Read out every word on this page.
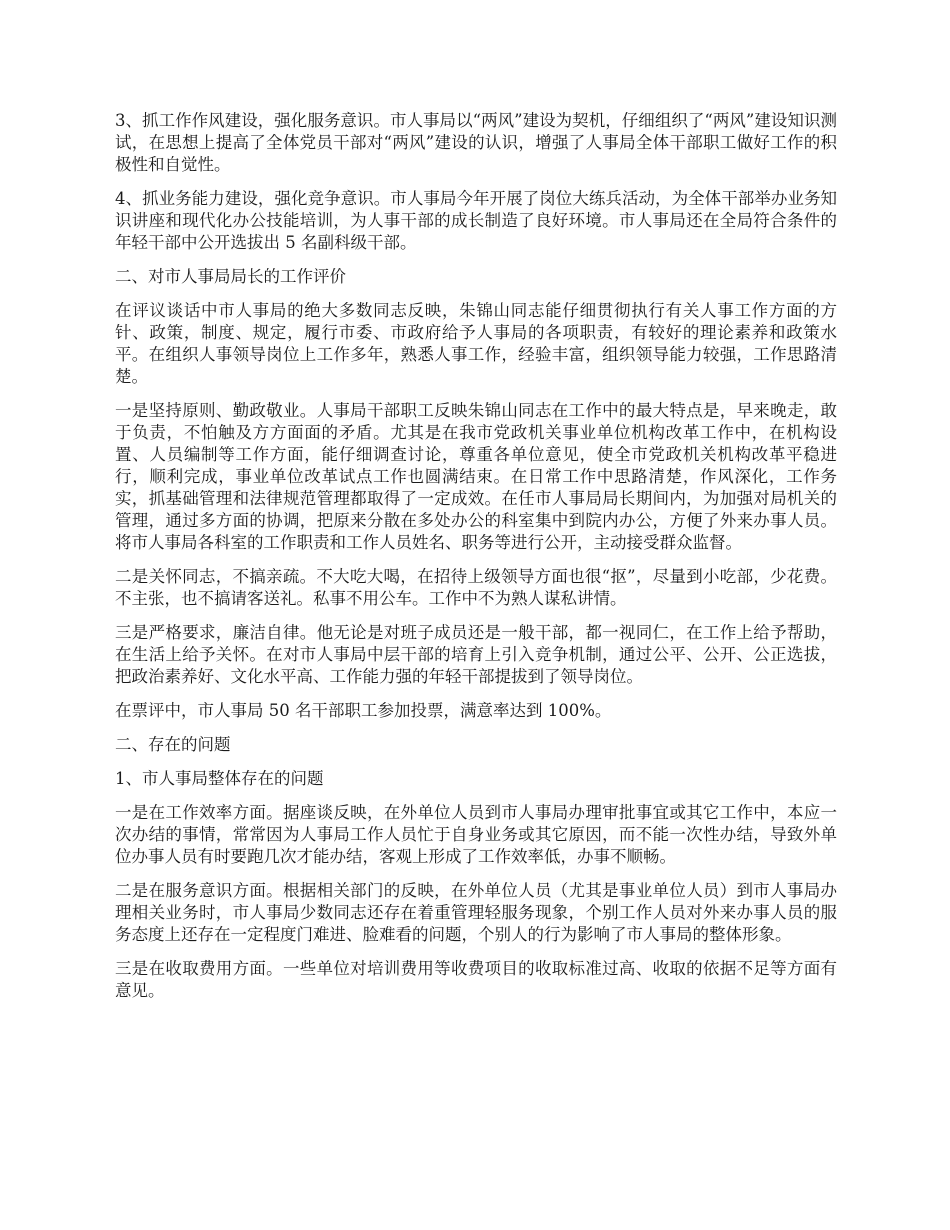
3、抓工作作风建设，强化服务意识。市人事局以“两风”建设为契机，仔细组织了“两风”建设知识测试，在思想上提高了全体党员干部对“两风”建设的认识，增强了人事局全体干部职工做好工作的积极性和自觉性。

4、抓业务能力建设，强化竞争意识。市人事局今年开展了岗位大练兵活动，为全体干部举办业务知识讲座和现代化办公技能培训，为人事干部的成长制造了良好环境。市人事局还在全局符合条件的年轻干部中公开选拔出 5 名副科级干部。

二、对市人事局局长的工作评价

在评议谈话中市人事局的绝大多数同志反映，朱锦山同志能仔细贯彻执行有关人事工作方面的方针、政策，制度、规定，履行市委、市政府给予人事局的各项职责，有较好的理论素养和政策水平。在组织人事领导岗位上工作多年，熟悉人事工作，经验丰富，组织领导能力较强，工作思路清楚。

一是坚持原则、勤政敬业。人事局干部职工反映朱锦山同志在工作中的最大特点是，早来晚走，敢于负责，不怕触及方方面面的矛盾。尤其是在我市党政机关事业单位机构改革工作中，在机构设置、人员编制等工作方面，能仔细调查讨论，尊重各单位意见，使全市党政机关机构改革平稳进行，顺利完成，事业单位改革试点工作也圆满结束。在日常工作中思路清楚，作风深化，工作务实，抓基础管理和法律规范管理都取得了一定成效。在任市人事局局长期间内，为加强对局机关的管理，通过多方面的协调，把原来分散在多处办公的科室集中到院内办公，方便了外来办事人员。将市人事局各科室的工作职责和工作人员姓名、职务等进行公开，主动接受群众监督。

二是关怀同志，不搞亲疏。不大吃大喝，在招待上级领导方面也很“抠”，尽量到小吃部，少花费。不主张，也不搞请客送礼。私事不用公车。工作中不为熟人谋私讲情。

三是严格要求，廉洁自律。他无论是对班子成员还是一般干部，都一视同仁，在工作上给予帮助，在生活上给予关怀。在对市人事局中层干部的培育上引入竞争机制，通过公平、公开、公正选拔，把政治素养好、文化水平高、工作能力强的年轻干部提拔到了领导岗位。

在票评中，市人事局 50 名干部职工参加投票，满意率达到 100%。

二、存在的问题

1、市人事局整体存在的问题

一是在工作效率方面。据座谈反映，在外单位人员到市人事局办理审批事宜或其它工作中，本应一次办结的事情，常常因为人事局工作人员忙于自身业务或其它原因，而不能一次性办结，导致外单位办事人员有时要跑几次才能办结，客观上形成了工作效率低，办事不顺畅。

二是在服务意识方面。根据相关部门的反映，在外单位人员（尤其是事业单位人员）到市人事局办理相关业务时，市人事局少数同志还存在着重管理轻服务现象，个别工作人员对外来办事人员的服务态度上还存在一定程度门难进、脸难看的问题，个别人的行为影响了市人事局的整体形象。

三是在收取费用方面。一些单位对培训费用等收费项目的收取标准过高、收取的依据不足等方面有意见。
